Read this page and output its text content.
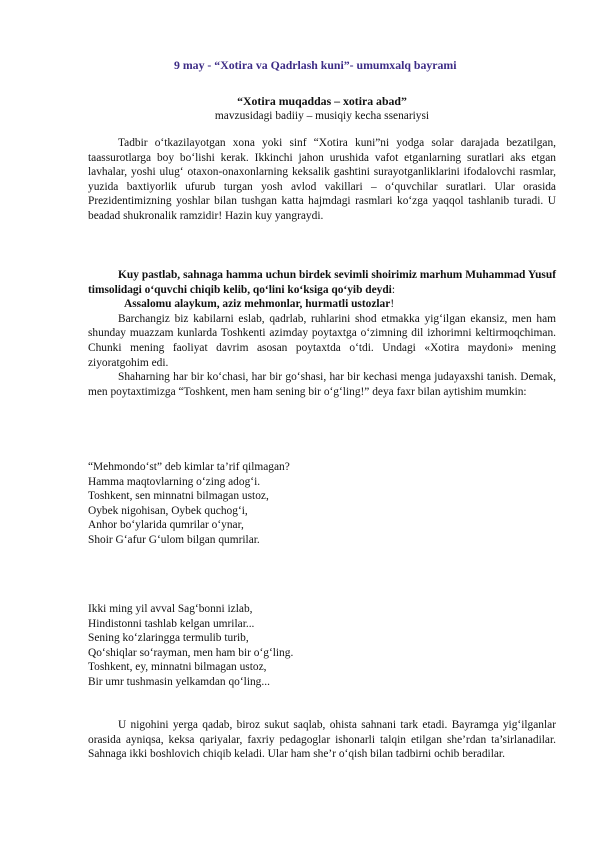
9 may - “Xotira va Qadrlash kuni”- umumxalq bayrami
“Xotira muqaddas – xotira abad”
mavzusidagi badiiy – musiqiy kecha ssenariysi

Tadbir o‘tkazilayotgan xona yoki sinf “Xotira kuni”ni yodga solar darajada bezatilgan, taassurotlarga boy bo‘lishi kerak. Ikkinchi jahon urushida vafot etganlarning suratlari aks etgan lavhalar, yoshi ulug‘ otaxon-onaxonlarning keksalik gashtini surayotganliklarini ifodalovchi rasmlar, yuzida baxtiyorlik ufurub turgan yosh avlod vakillari – o‘quvchilar suratlari. Ular orasida Prezidentimizning yoshlar bilan tushgan katta hajmdagi rasmlari ko‘zga yaqqol tashlanib turadi. U beadad shukronalik ramzidir! Hazin kuy yangraydi.

Kuy pastlab, sahnaga hamma uchun birdek sevimli shoirimiz marhum Muhammad Yusuf timsolidagi o‘quvchi chiqib kelib, qo‘lini ko‘ksiga qo‘yib deydi:

Assalomu alaykum, aziz mehmonlar, hurmatli ustozlar!

Barchangiz biz kabilarni eslab, qadrlab, ruhlarini shod etmakka yig‘ilgan ekansiz, men ham shunday muazzam kunlarda Toshkenti azimday poytaxtga o‘zimning dil izhorimni keltirmoqchiman. Chunki mening faoliyat davrim asosan poytaxtda o‘tdi. Undagi «Xotira maydoni» mening ziyoratgohim edi.

Shaharning har bir ko‘chasi, har bir go‘shasi, har bir kechasi menga judayaxshi tanish. Demak, men poytaxtimizga “Toshkent, men ham sening bir o‘g‘ling!” deya faxr bilan aytishim mumkin:

“Mehmondo‘st” deb kimlar ta’rif qilmagan?

Hamma maqtovlarning o‘zing adog‘i.

Toshkent, sen minnatni bilmagan ustoz,

Oybek nigohisan, Oybek quchog‘i,

Anhor bo‘ylarida qumrilar o‘ynar,

Shoir G‘afur G‘ulom bilgan qumrilar.

Ikki ming yil avval Sag‘bonni izlab,

Hindistonni tashlab kelgan umrilar...

Sening ko‘zlaringga termulib turib,

Qo‘shiqlar so‘rayman, men ham bir o‘g‘ling.

Toshkent, ey, minnatni bilmagan ustoz,

Bir umr tushmasin yelkamdan qo‘ling...

U nigohini yerga qadab, biroz sukut saqlab, ohista sahnani tark etadi. Bayramga yig‘ilganlar orasida ayniqsa, keksa qariyalar, faxriy pedagoglar ishonarli talqin etilgan she’rdan ta’sirlanadilar. Sahnaga ikki boshlovich chiqib keladi. Ular ham she’r o‘qish bilan tadbirni ochib beradilar.
